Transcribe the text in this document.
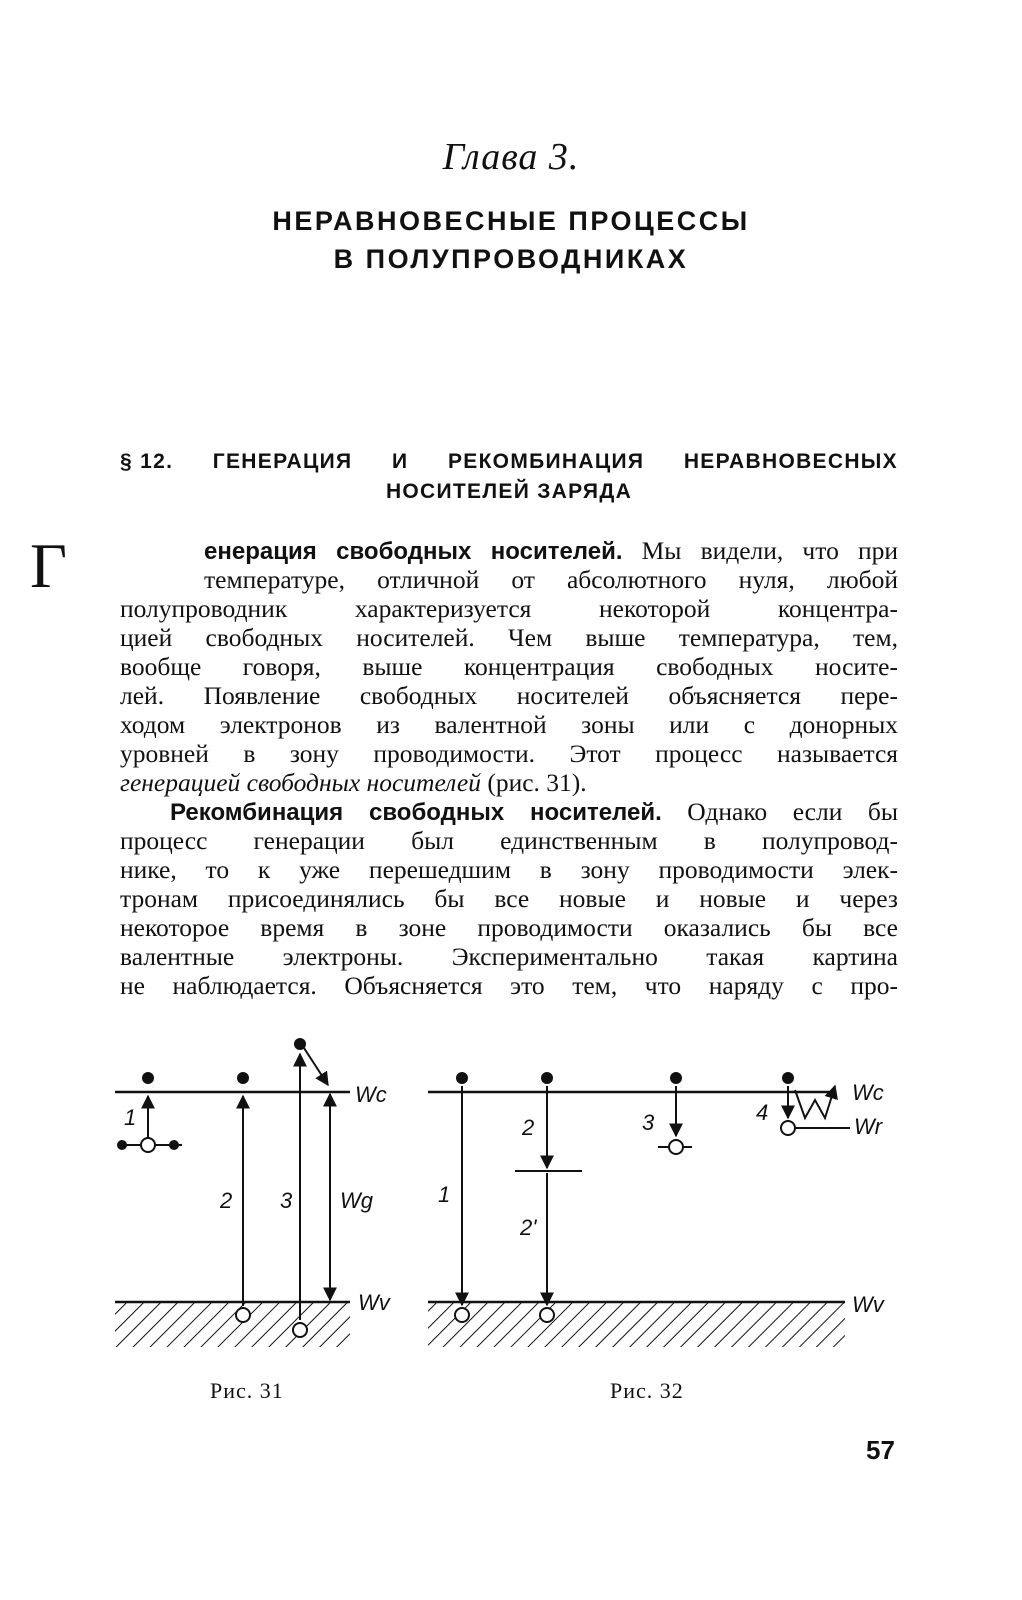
Глава 3.
НЕРАВНОВЕСНЫЕ ПРОЦЕССЫ
В ПОЛУПРОВОДНИКАХ
§ 12. ГЕНЕРАЦИЯ И РЕКОМБИНАЦИЯ НЕРАВНОВЕСНЫХ
НОСИТЕЛЕЙ ЗАРЯДА
Г	енерация свободных носителей. Мы видели, что при
температуре, отличной от абсолютного нуля, любой
полупроводник характеризуется некоторой концентра-
цией свободных носителей. Чем выше температура, тем,
вообще говоря, выше концентрация свободных носите-
лей. Появление свободных носителей объясняется пере-
ходом электронов из валентной зоны или с донорных
уровней в зону проводимости. Этот процесс называется
генерацией свободных носителей (рис. 31).
Рекомбинация свободных носителей. Однако если бы
процесс генерации был единственным в полупровод-
нике, то к уже перешедшим в зону проводимости элек-
тронам присоединялись бы все новые и новые и через
некоторое время в зоне проводимости оказались бы все
валентные электроны. Экспериментально такая картина
не наблюдается. Объясняется это тем, что наряду с про-
1
2 3
Wc
Wg
Wv
Рис. 31
1
2
2'
3	4
Wc
Wr
Wv
Рис. 32
57
